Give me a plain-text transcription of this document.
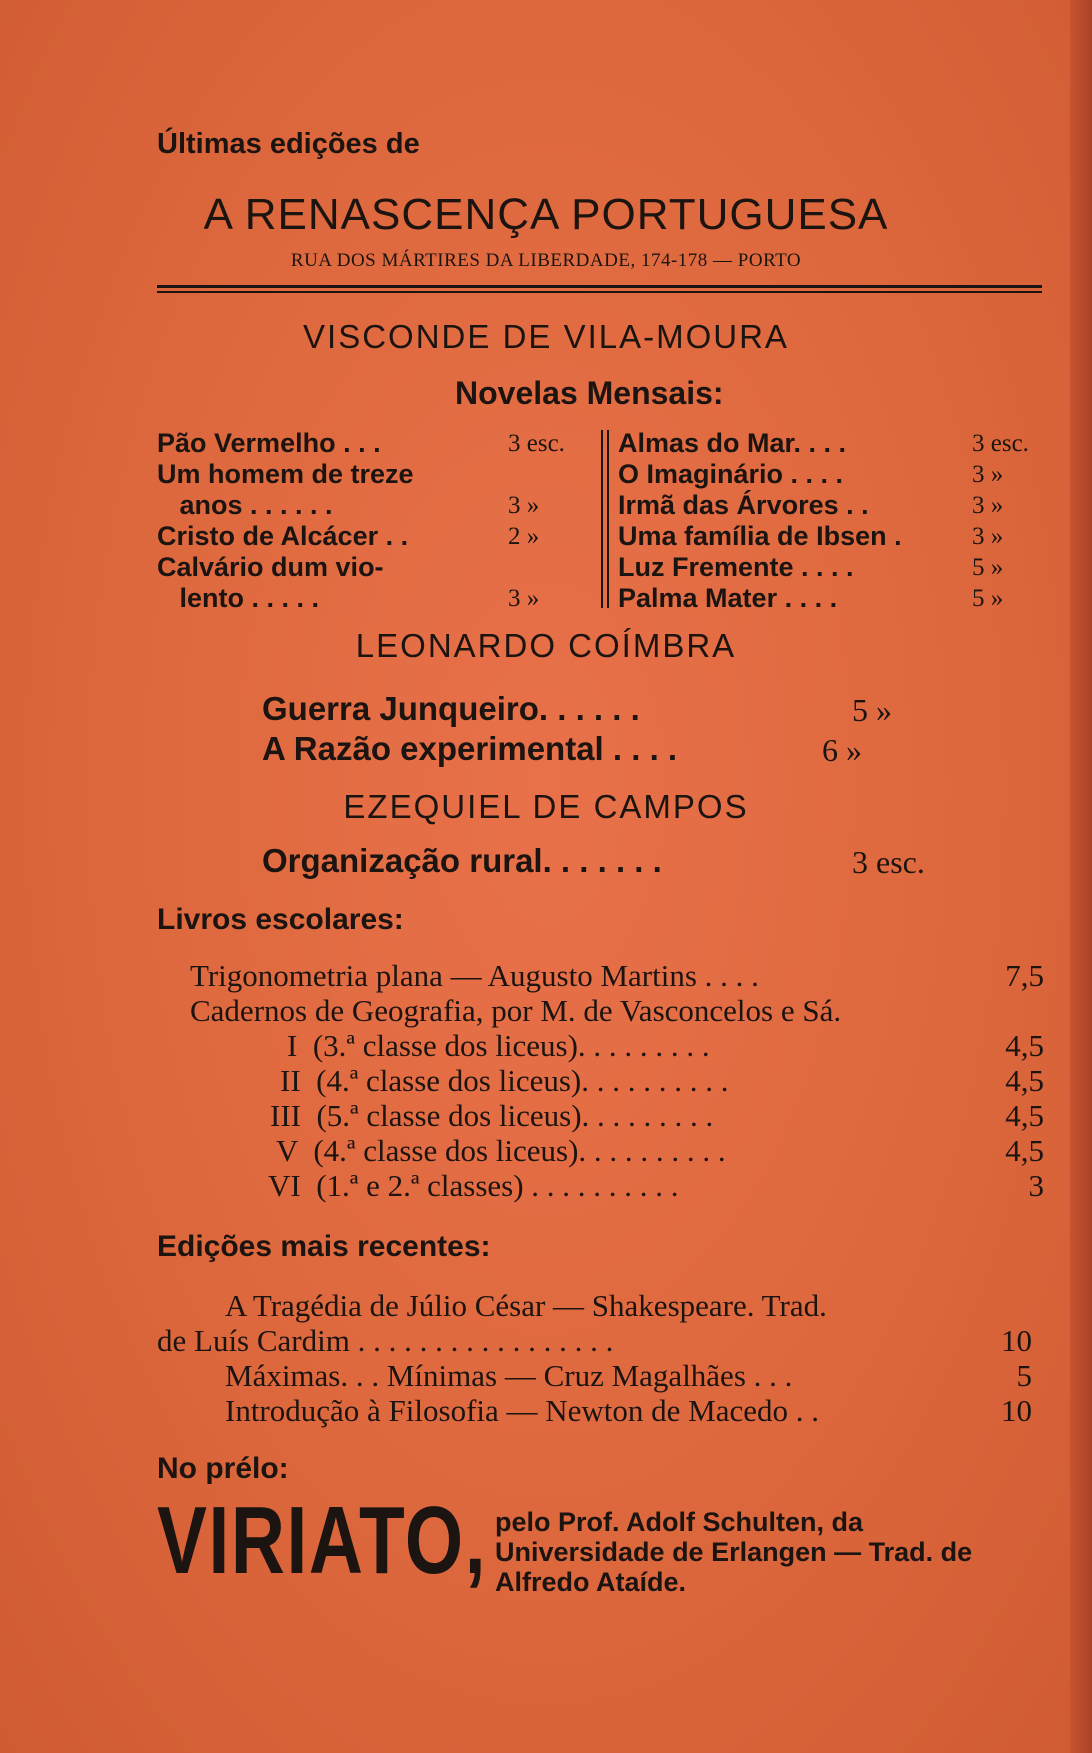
Últimas edições de
A RENASCENÇA PORTUGUESA
RUA DOS MÁRTIRES DA LIBERDADE, 174-178 — PORTO
VISCONDE DE VILA-MOURA
Novelas Mensais:
Pão Vermelho . . .	3 esc.
Um homem de treze
anos . . . . . .	3 »
Cristo de Alcácer . .	2 »
Calvário dum vio-
lento . . . . .	3 »
Almas do Mar. . . .	3 esc.
O Imaginário . . . .	3 »
Irmã das Árvores . .	3 »
Uma família de Ibsen .	3 »
Luz Fremente . . . .	5 »
Palma Mater . . . .	5 »
LEONARDO COÍMBRA
Guerra Junqueiro. . . . . .	5 »
A Razão experimental . . . .	6 »
EZEQUIEL DE CAMPOS
Organização rural. . . . . . .	3 esc.
Livros escolares:
Trigonometria plana — Augusto Martins . . . .	7,5
Cadernos de Geografia, por M. de Vasconcelos e Sá.
I  (3.ª classe dos liceus). . . . . . . . .	4,5
II  (4.ª classe dos liceus). . . . . . . . . .	4,5
III  (5.ª classe dos liceus). . . . . . . . .	4,5
V  (4.ª classe dos liceus). . . . . . . . . .	4,5
VI  (1.ª e 2.ª classes) . . . . . . . . . .	3
Edições mais recentes:
A Tragédia de Júlio César — Shakespeare. Trad.
de Luís Cardim . . . . . . . . . . . . . . . . .	10
Máximas. . . Mínimas — Cruz Magalhães . . .	5
Introdução à Filosofia — Newton de Macedo . .	10
No prélo:
VIRIATO, pelo Prof. Adolf Schulten, da Universidade de Erlangen — Trad. de Alfredo Ataíde.
